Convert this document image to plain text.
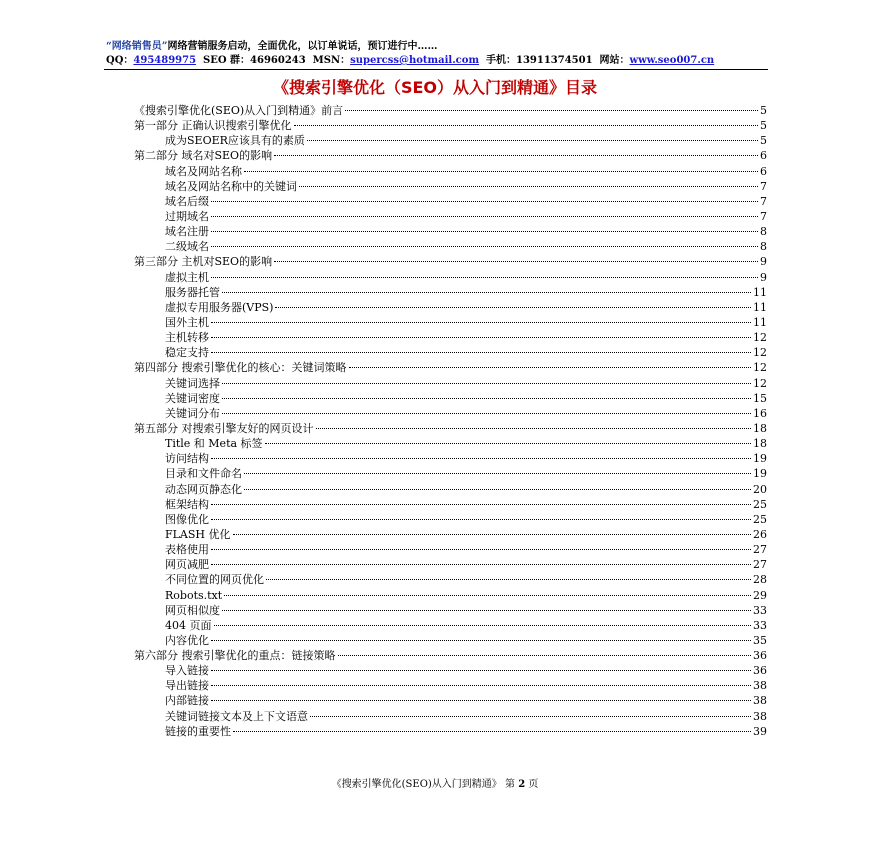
“网络销售员”网络营销服务启动，全面优化，以订单说话，预订进行中……
QQ：495489975  SEO 群：46960243  MSN：supercss@hotmail.com  手机：13911374501  网站：www.seo007.cn
《搜索引擎优化（SEO）从入门到精通》目录
《搜索引擎优化(SEO)从入门到精通》前言	5
第一部分 正确认识搜索引擎优化	5
成为SEOER应该具有的素质	5
第二部分 域名对SEO的影响	6
域名及网站名称	6
域名及网站名称中的关键词	7
域名后缀	7
过期域名	7
域名注册	8
二级域名	8
第三部分 主机对SEO的影响	9
虚拟主机	9
服务器托管	11
虚拟专用服务器(VPS)	11
国外主机	11
主机转移	12
稳定支持	12
第四部分 搜索引擎优化的核心：关键词策略	12
关键词选择	12
关键词密度	15
关键词分布	16
第五部分 对搜索引擎友好的网页设计	18
Title 和 Meta 标签	18
访问结构	19
目录和文件命名	19
动态网页静态化	20
框架结构	25
图像优化	25
FLASH 优化	26
表格使用	27
网页减肥	27
不同位置的网页优化	28
Robots.txt	29
网页相似度	33
404 页面	33
内容优化	35
第六部分 搜索引擎优化的重点：链接策略	36
导入链接	36
导出链接	38
内部链接	38
关键词链接文本及上下文语意	38
链接的重要性	39
《搜索引擎优化(SEO)从入门到精通》 第 2 页
